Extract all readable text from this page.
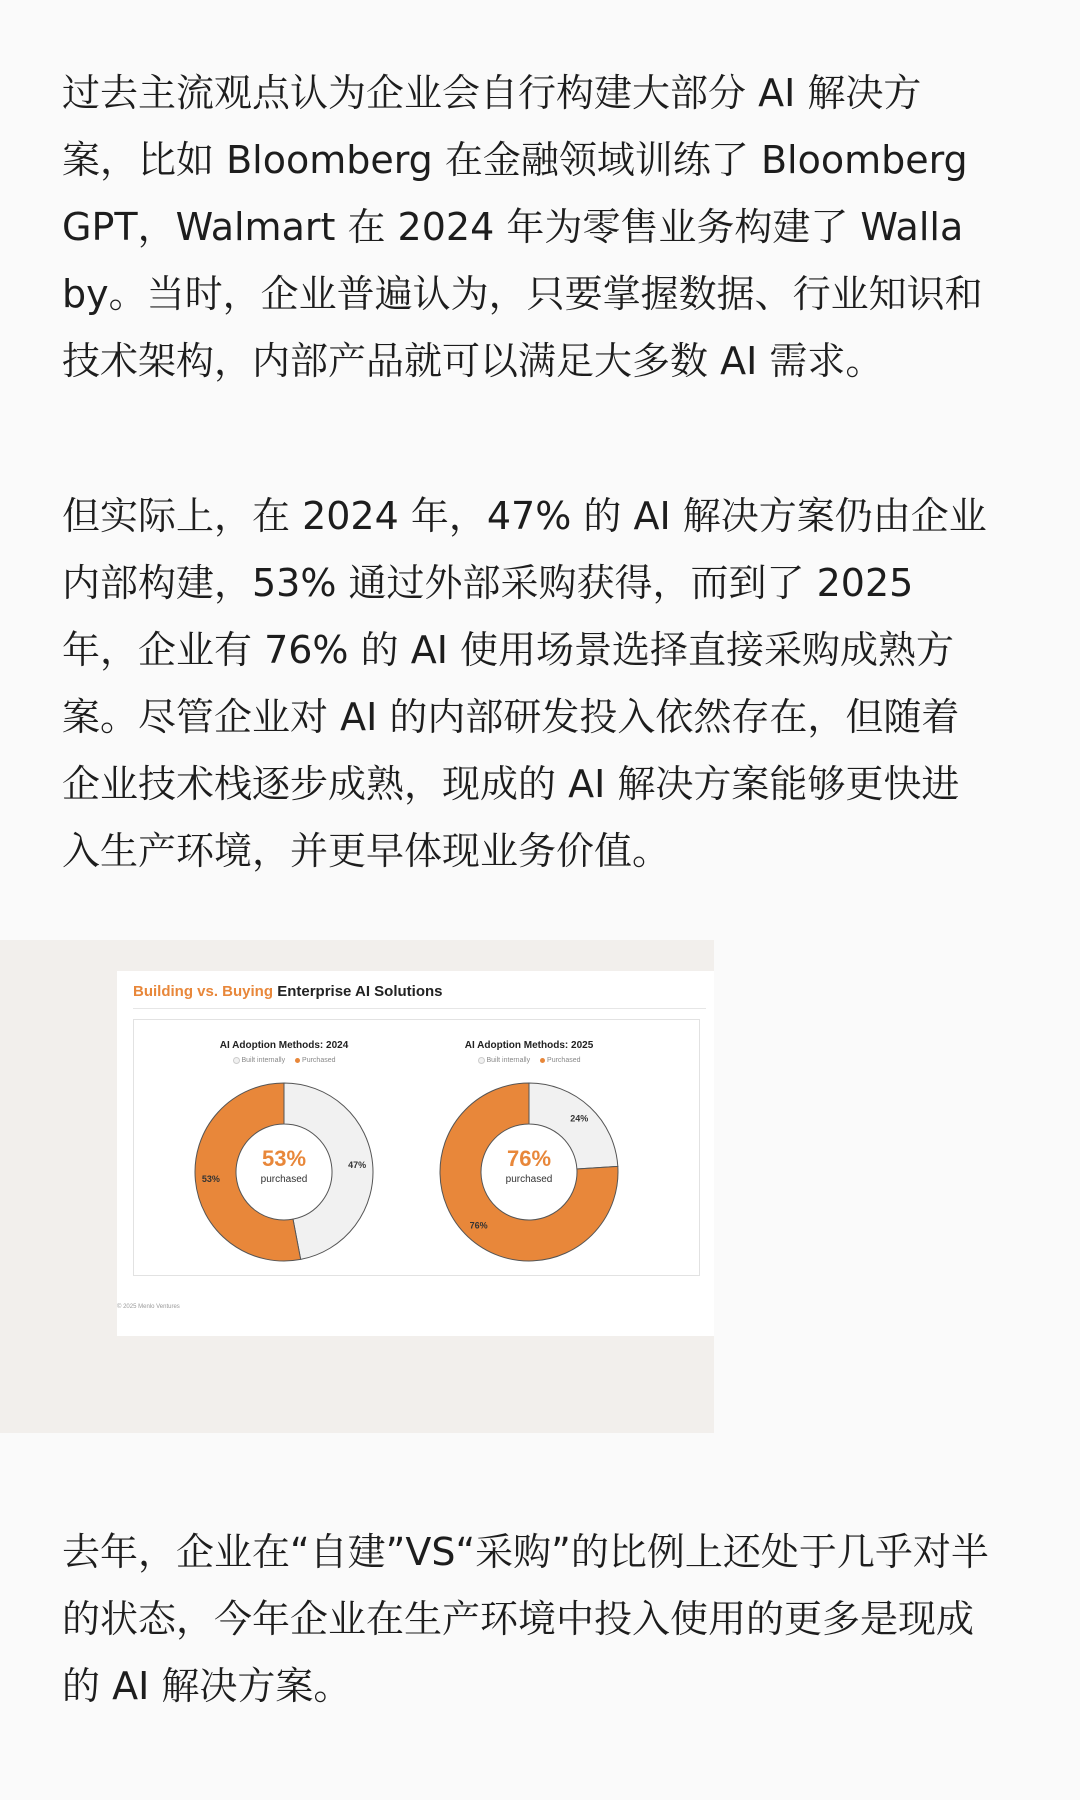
过去主流观点认为企业会自行构建大部分 AI 解决方
案，比如 Bloomberg 在金融领域训练了 Bloomberg
GPT，Walmart 在 2024 年为零售业务构建了 Walla
by。当时，企业普遍认为，只要掌握数据、行业知识和
技术架构，内部产品就可以满足大多数 AI 需求。

但实际上，在 2024 年，47% 的 AI 解决方案仍由企业
内部构建，53% 通过外部采购获得，而到了 2025
年，企业有 76% 的 AI 使用场景选择直接采购成熟方
案。尽管企业对 AI 的内部研发投入依然存在，但随着
企业技术栈逐步成熟，现成的 AI 解决方案能够更快进
入生产环境，并更早体现业务价值。

Building vs. Buying Enterprise AI Solutions
AI Adoption Methods: 2024
Built internally Purchased
47%
53%
53%
purchased
AI Adoption Methods: 2025
Built internally Purchased
24%
76%
76%
purchased
© 2025 Menlo Ventures

去年，企业在“自建”VS“采购”的比例上还处于几乎对半
的状态，今年企业在生产环境中投入使用的更多是现成
的 AI 解决方案。
